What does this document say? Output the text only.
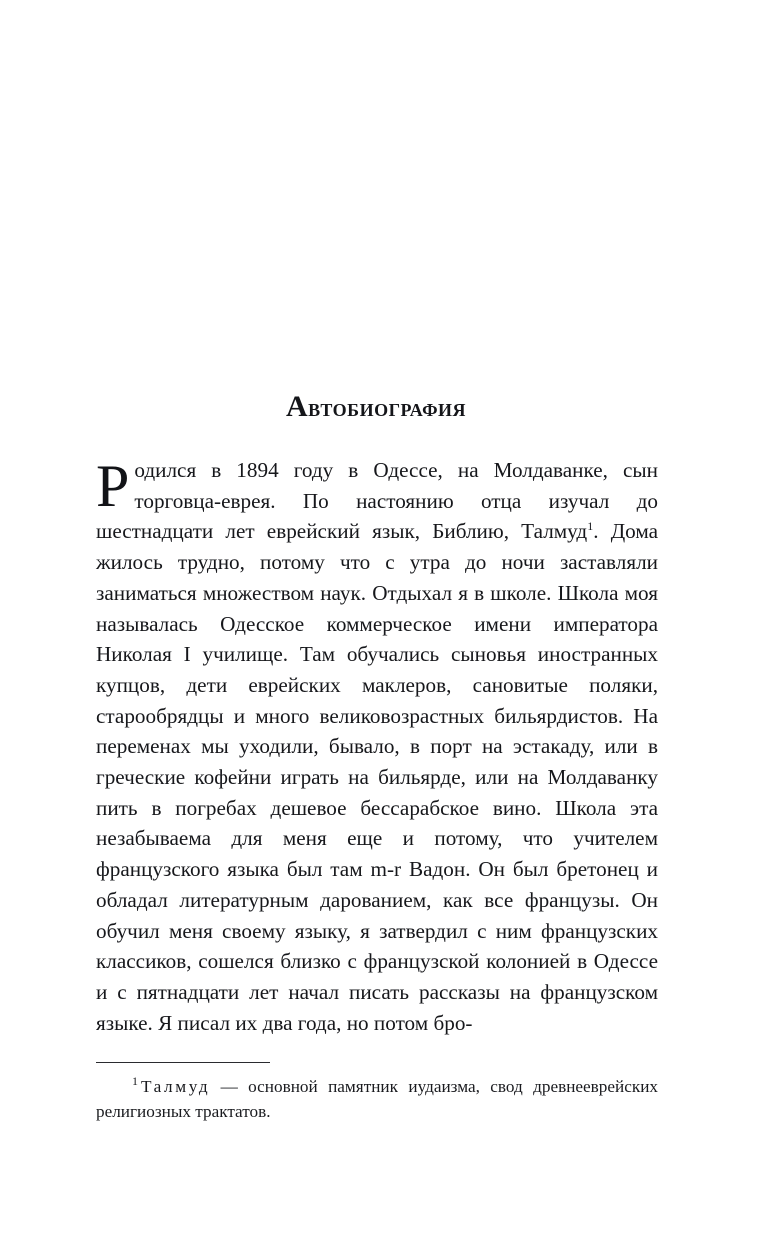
Автобиография
Родился в 1894 году в Одессе, на Молдаванке, сын торговца-еврея. По настоянию отца изучал до шестнадцати лет еврейский язык, Библию, Талмуд$^1$. Дома жилось трудно, потому что с утра до ночи заставляли заниматься множеством наук. Отдыхал я в школе. Школа моя называлась Одесское коммерческое имени императора Николая I училище. Там обучались сыновья иностранных купцов, дети еврейских маклеров, сановитые поляки, старообрядцы и много великовозрастных бильярдистов. На переменах мы уходили, бывало, в порт на эстакаду, или в греческие кофейни играть на бильярде, или на Молдаванку пить в погребах дешевое бессарабское вино. Школа эта незабываема для меня еще и потому, что учителем французского языка был там m-r Вадон. Он был бретонец и обладал литературным дарованием, как все французы. Он обучил меня своему языку, я затвердил с ним французских классиков, сошелся близко с французской колонией в Одессе и с пятнадцати лет начал писать рассказы на французском языке. Я писал их два года, но потом бро-
$^1$ Талмуд — основной памятник иудаизма, свод древнееврейских религиозных трактатов.
